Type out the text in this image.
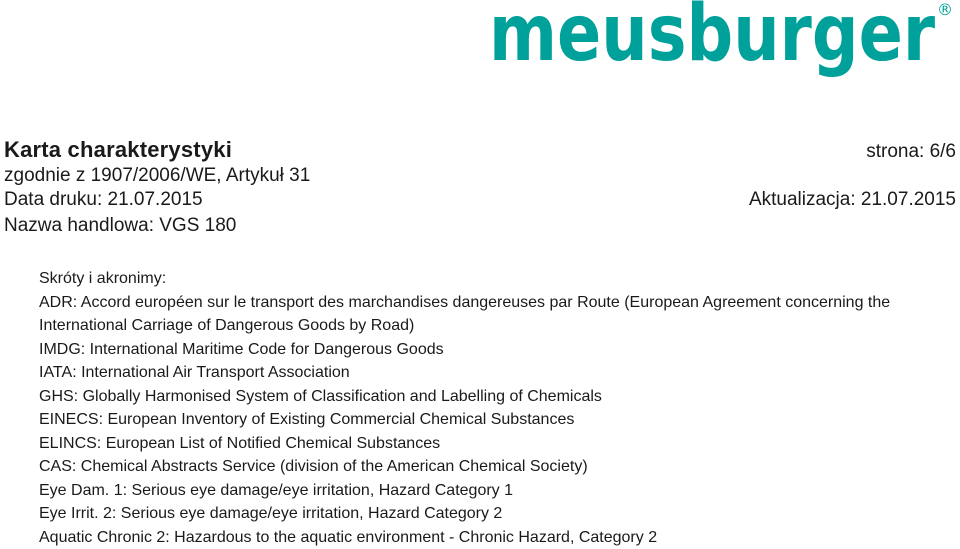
meusburger ®
Karta charakterystyki
zgodnie z 1907/2006/WE, Artykuł 31
Data druku: 21.07.2015
Nazwa handlowa: VGS 180
strona: 6/6
Aktualizacja: 21.07.2015
Skróty i akronimy:
ADR: Accord européen sur le transport des marchandises dangereuses par Route (European Agreement concerning the International Carriage of Dangerous Goods by Road)
IMDG: International Maritime Code for Dangerous Goods
IATA: International Air Transport Association
GHS: Globally Harmonised System of Classification and Labelling of Chemicals
EINECS: European Inventory of Existing Commercial Chemical Substances
ELINCS: European List of Notified Chemical Substances
CAS: Chemical Abstracts Service (division of the American Chemical Society)
Eye Dam. 1: Serious eye damage/eye irritation, Hazard Category 1
Eye Irrit. 2: Serious eye damage/eye irritation, Hazard Category 2
Aquatic Chronic 2: Hazardous to the aquatic environment - Chronic Hazard, Category 2
